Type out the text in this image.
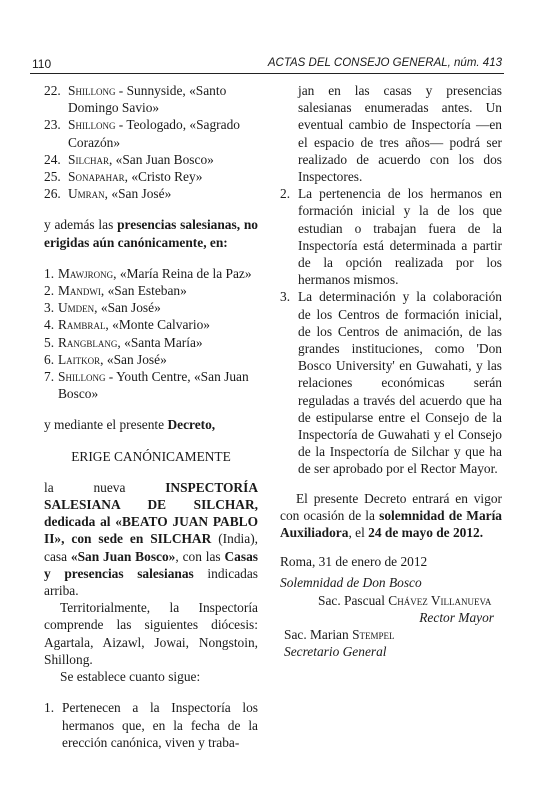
110	ACTAS DEL CONSEJO GENERAL, núm. 413
22. Shillong - Sunnyside, «Santo Domingo Savio»
23. Shillong - Teologado, «Sagrado Corazón»
24. Silchar, «San Juan Bosco»
25. Sonapahar, «Cristo Rey»
26. Umran, «San José»
y además las presencias salesianas, no erigidas aún canónicamente, en:
1. Mawjrong, «María Reina de la Paz»
2. Mandwi, «San Esteban»
3. Umden, «San José»
4. Rambral, «Monte Calvario»
5. Rangblang, «Santa María»
6. Laitkor, «San José»
7. Shillong - Youth Centre, «San Juan Bosco»
y mediante el presente Decreto,
ERIGE CANÓNICAMENTE
la nueva	INSPECTORÍA SALESIANA DE SILCHAR, dedicada al «BEATO JUAN PABLO II», con sede en SILCHAR (India), casa «San Juan Bosco», con las Casas y presencias salesianas indicadas arriba.
Territorialmente, la Inspectoría comprende las siguientes diócesis: Agartala, Aizawl, Jowai, Nongstoin, Shillong.
Se establece cuanto sigue:
1. Pertenecen a la Inspectoría los hermanos que, en la fecha de la erección canónica, viven y traba-
jan en las casas y presencias salesianas enumeradas antes. Un eventual cambio de Inspectoría —en el espacio de tres años— podrá ser realizado de acuerdo con los dos Inspectores.
2. La pertenencia de los hermanos en formación inicial y la de los que estudian o trabajan fuera de la Inspectoría está determinada a partir de la opción realizada por los hermanos mismos.
3. La determinación y la colaboración de los Centros de formación inicial, de los Centros de animación, de las grandes instituciones, como 'Don Bosco University' en Guwahati, y las relaciones económicas serán reguladas a través del acuerdo que ha de estipularse entre el Consejo de la Inspectoría de Guwahati y el Consejo de la Inspectoría de Silchar y que ha de ser aprobado por el Rector Mayor.
El presente Decreto entrará en vigor con ocasión de la solemnidad de María Auxiliadora, el 24 de mayo de 2012.
Roma, 31 de enero de 2012
Solemnidad de Don Bosco
Sac. Pascual Chávez Villanueva
Rector Mayor
Sac. Marian Stempel
Secretario General
